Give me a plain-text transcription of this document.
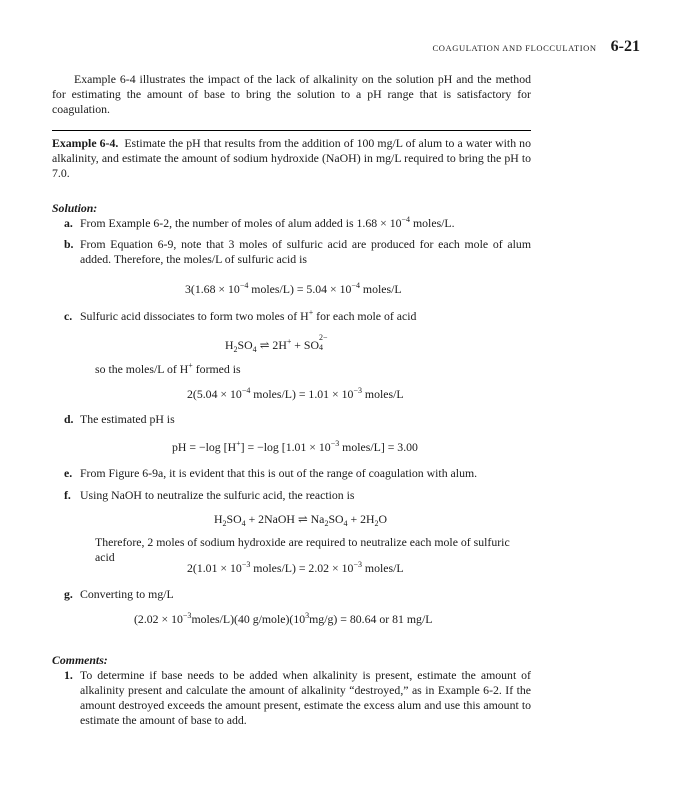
COAGULATION AND FLOCCULATION 6-21

Example 6-4 illustrates the impact of the lack of alkalinity on the solution pH and the method for estimating the amount of base to bring the solution to a pH range that is satisfactory for coagulation.

Example 6-4. Estimate the pH that results from the addition of 100 mg/L of alum to a water with no alkalinity, and estimate the amount of sodium hydroxide (NaOH) in mg/L required to bring the pH to 7.0.

Solution:

a. From Example 6-2, the number of moles of alum added is $1.68 \times 10^{-4}$ moles/L.

b. From Equation 6-9, note that 3 moles of sulfuric acid are produced for each mole of alum added. Therefore, the moles/L of sulfuric acid is

$3(1.68 \times 10^{-4}$ moles/L) = $5.04 \times 10^{-4}$ moles/L

c. Sulfuric acid dissociates to form two moles of H+ for each mole of acid

$H_2SO_4$ ⇌ 2H+ + SO
2−
4

so the moles/L of H+ formed is

$2(5.04 \times 10^{-4}$ moles/L) = $1.01 \times 10^{-3}$ moles/L

d. The estimated pH is

pH = −log [H+] = −log [$1.01 \times 10^{-3}$ moles/L] = 3.00

e. From Figure 6-9a, it is evident that this is out of the range of coagulation with alum.

f. Using NaOH to neutralize the sulfuric acid, the reaction is

$H_2SO_4$ + 2NaOH ⇌ $Na_2SO_4 + 2H_2O$

Therefore, 2 moles of sodium hydroxide are required to neutralize each mole of sulfuric acid

$2(1.01 \times 10^{-3}$ moles/L) = $2.02 \times 10^{-3}$ moles/L

g. Converting to mg/L

$(2.02 \times 10^{-3}moles/L)(40$ $g/mole)(10^3mg/g) = 80.64$ or 81 mg/L

Comments:

1. To determine if base needs to be added when alkalinity is present, estimate the amount of alkalinity present and calculate the amount of alkalinity “destroyed,” as in Example 6-2. If the amount destroyed exceeds the amount present, estimate the excess alum and use this amount to estimate the amount of base to add.
